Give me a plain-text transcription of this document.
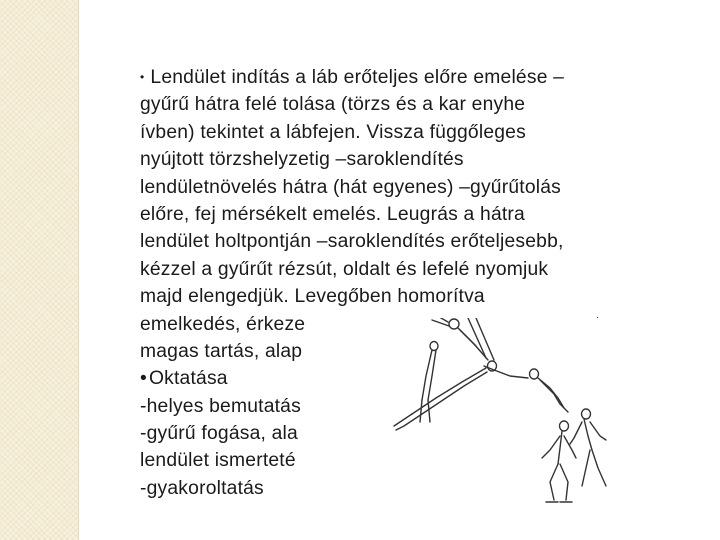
• Lendület indítás a láb erőteljes előre emelése –
gyűrű hátra felé tolása (törzs és a kar enyhe
ívben) tekintet a lábfejen. Vissza függőleges
nyújtott törzshelyzetig –saroklendítés
lendületnövelés hátra (hát egyenes) –gyűrűtolás
előre, fej mérsékelt emelés. Leugrás a hátra
lendület holtpontján –saroklendítés erőteljesebb,
kézzel a gyűrűt rézsút, oldalt és lefelé nyomjuk
majd elengedjük. Levegőben homorítva
emelkedés, érkeze
magas tartás, alap
• Oktatása
-helyes bemutatás
-gyűrű fogása, ala
lendület ismerteté
-gyakoroltatás
